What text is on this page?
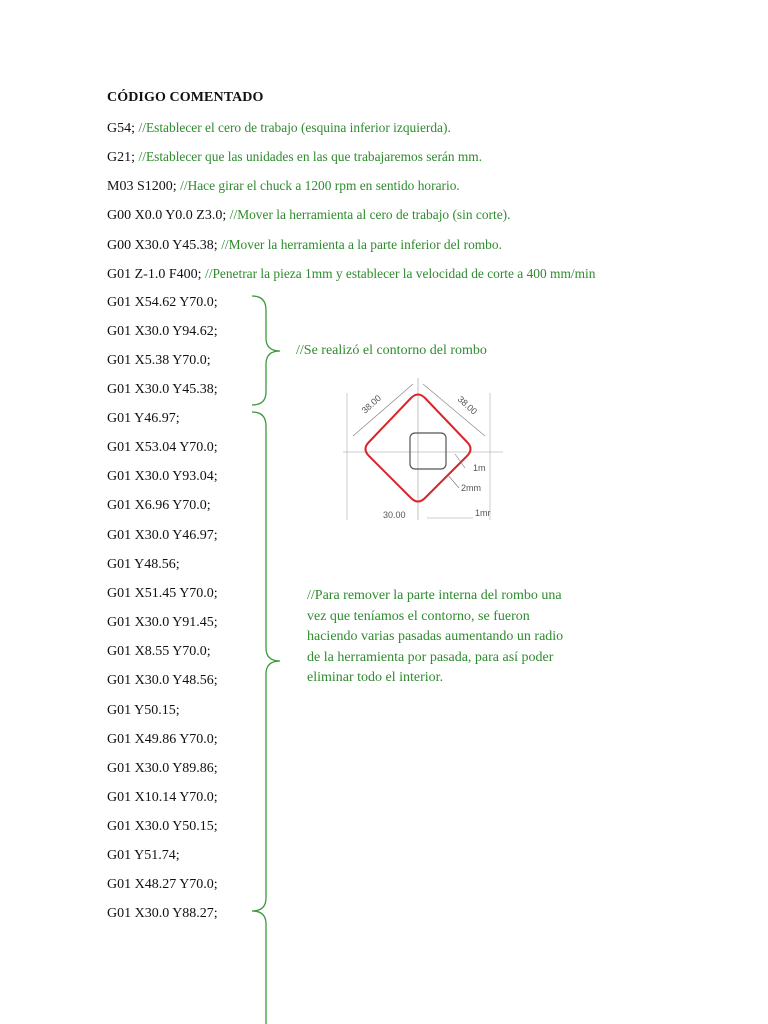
CÓDIGO COMENTADO
G54; //Establecer el cero de trabajo (esquina inferior izquierda).
G21; //Establecer que las unidades en las que trabajaremos serán mm.
M03 S1200; //Hace girar el chuck a 1200 rpm en sentido horario.
G00 X0.0 Y0.0 Z3.0; //Mover la herramienta al cero de trabajo (sin corte).
G00 X30.0 Y45.38; //Mover la herramienta a la parte inferior del rombo.
G01 Z-1.0 F400; //Penetrar la pieza 1mm y establecer la velocidad de corte a 400 mm/min
G01 X54.62 Y70.0;
G01 X30.0 Y94.62;
G01 X5.38 Y70.0;
G01 X30.0 Y45.38;
G01 Y46.97;
G01 X53.04 Y70.0;
G01 X30.0 Y93.04;
G01 X6.96 Y70.0;
G01 X30.0 Y46.97;
G01 Y48.56;
G01 X51.45 Y70.0;
G01 X30.0 Y91.45;
G01 X8.55 Y70.0;
G01 X30.0 Y48.56;
G01 Y50.15;
G01 X49.86 Y70.0;
G01 X30.0 Y89.86;
G01 X10.14 Y70.0;
G01 X30.0 Y50.15;
G01 Y51.74;
G01 X48.27 Y70.0;
G01 X30.0 Y88.27;
//Se realizó el contorno del rombo
//Para remover la parte interna del rombo una vez que teníamos el contorno, se fueron haciendo varias pasadas aumentando un radio de la herramienta por pasada, para así poder eliminar todo el interior.
38.00	38.00
30.00
1m
2mm
1mr
